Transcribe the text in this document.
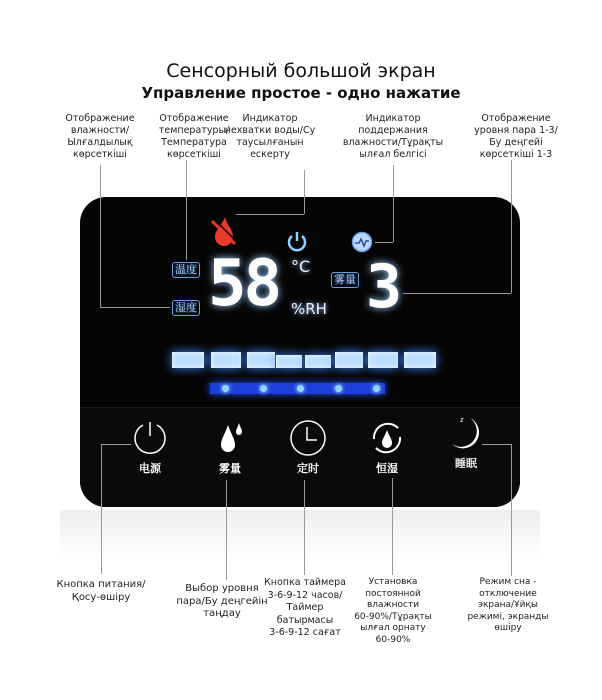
Сенсорный большой экран
Управление простое - одно нажатие
Отображение
влажности/
Ылғалдылық
көрсеткіші
Отображение
температуры/
Температура
көрсеткіші
Индикатор
нехватки воды/Су
таусылғанын
ескерту
Индикатор
поддержания
влажности/Тұрақты
ылғал белгісі
Отображение
уровня пара 1-3/
Бу деңгейі
көрсеткіші 1-3
温度
湿度 58 °C
%RH
雾量 3
电源	雾量	定时	恒湿
z
睡眠
Кнопка питания/
Қосу-өшіру
Выбор уровня
пара/Бу деңгейін
таңдау
Кнопка таймера
3-6-9-12 часов/
Таймер
батырмасы
3-6-9-12 сағат
Установка
постоянной
влажности
60-90%/Тұрақты
ылғал орнату
60-90%
Режим сна -
отключение
экрана/Ұйқы
режимі, экранды
өшіру
